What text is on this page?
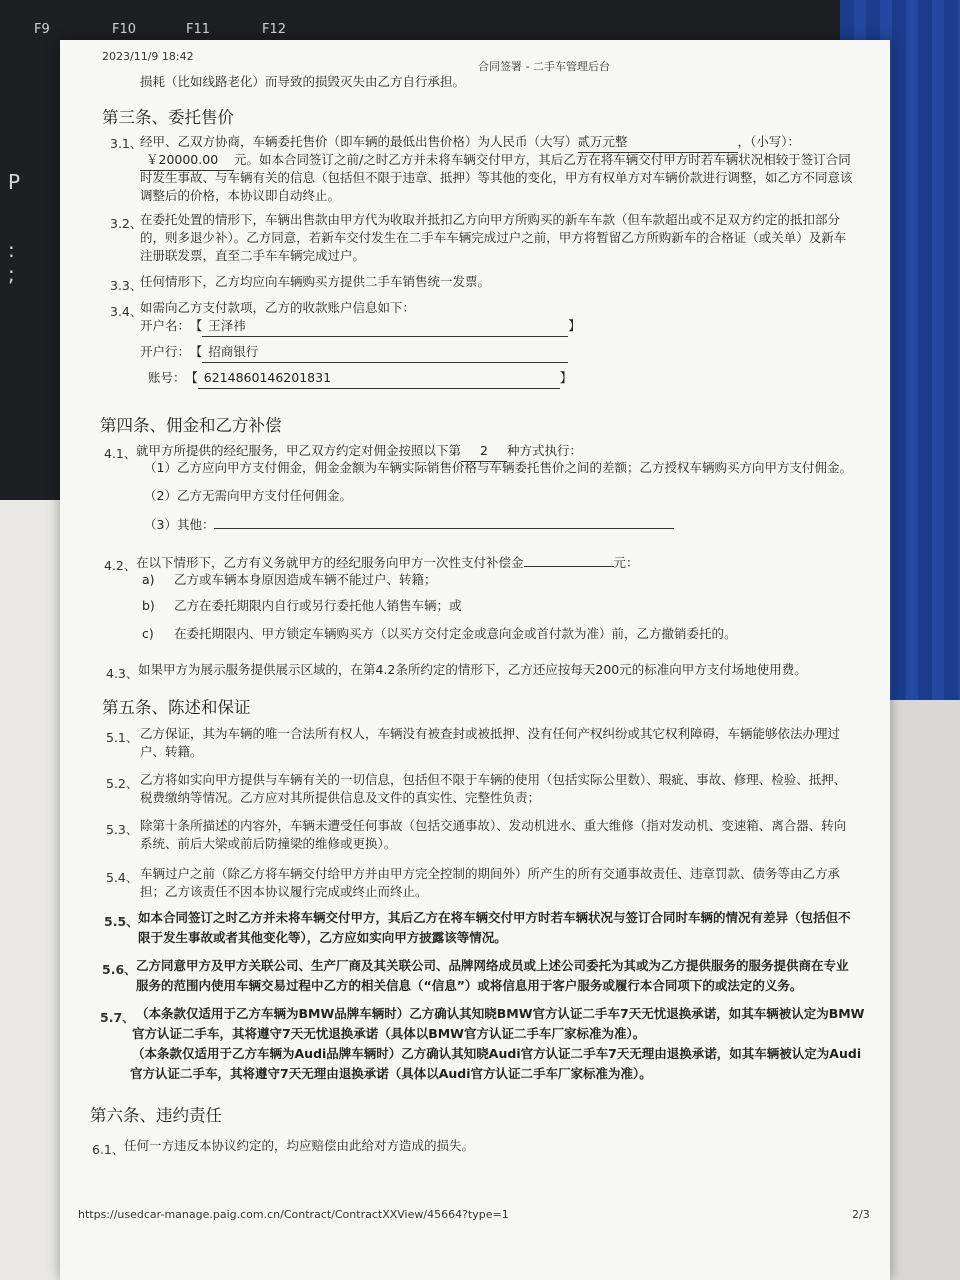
F9	F10	F11	F12
P
:
;
2023/11/9 18:42
合同签署 - 二手车管理后台
损耗（比如线路老化）而导致的损毁灭失由乙方自行承担。
第三条、委托售价
3.1、
经甲、乙双方协商，车辆委托售价（即车辆的最低出售价格）为人民币（大写）贰万元整	，（小写）：
￥20000.00 元。如本合同签订之前/之时乙方并未将车辆交付甲方，其后乙方在将车辆交付甲方时若车辆状况相较于签订合同
时发生事故、与车辆有关的信息（包括但不限于违章、抵押）等其他的变化，甲方有权单方对车辆价款进行调整，如乙方不同意该
调整后的价格，本协议即自动终止。
3.2、
在委托处置的情形下，车辆出售款由甲方代为收取并抵扣乙方向甲方所购买的新车车款（但车款超出或不足双方约定的抵扣部分
的，则多退少补）。乙方同意，若新车交付发生在二手车车辆完成过户之前，甲方将暂留乙方所购新车的合格证（或关单）及新车
注册联发票，直至二手车车辆完成过户。
3.3、
任何情形下，乙方均应向车辆购买方提供二手车销售统一发票。
3.4、
如需向乙方支付款项，乙方的收款账户信息如下：
开户名： 【 王泽祎	】
开户行： 【 招商银行
账号： 【 6214860146201831	】
第四条、佣金和乙方补偿
4.1、 就甲方所提供的经纪服务，甲乙双方约定对佣金按照以下第 2 种方式执行：
（1）乙方应向甲方支付佣金，佣金金额为车辆实际销售价格与车辆委托售价之间的差额；乙方授权车辆购买方向甲方支付佣金。
（2）乙方无需向甲方支付任何佣金。
（3）其他：
4.2、 在以下情形下，乙方有义务就甲方的经纪服务向甲方一次性支付补偿金	元：
a) 乙方或车辆本身原因造成车辆不能过户、转籍；
b) 乙方在委托期限内自行或另行委托他人销售车辆；或
c) 在委托期限内、甲方锁定车辆购买方（以买方交付定金或意向金或首付款为准）前，乙方撤销委托的。
4.3、 如果甲方为展示服务提供展示区域的，在第4.2条所约定的情形下，乙方还应按每天200元的标准向甲方支付场地使用费。
第五条、陈述和保证
5.1、 乙方保证，其为车辆的唯一合法所有权人，车辆没有被查封或被抵押、没有任何产权纠纷或其它权利障碍，车辆能够依法办理过
户、转籍。
5.2、 乙方将如实向甲方提供与车辆有关的一切信息，包括但不限于车辆的使用（包括实际公里数）、瑕疵、事故、修理、检验、抵押、
税费缴纳等情况。乙方应对其所提供信息及文件的真实性、完整性负责；
5.3、 除第十条所描述的内容外，车辆未遭受任何事故（包括交通事故）、发动机进水、重大维修（指对发动机、变速箱、离合器、转向
系统、前后大梁或前后防撞梁的维修或更换）。
5.4、 车辆过户之前（除乙方将车辆交付给甲方并由甲方完全控制的期间外）所产生的所有交通事故责任、违章罚款、债务等由乙方承
担；乙方该责任不因本协议履行完成或终止而终止。
5.5、 如本合同签订之时乙方并未将车辆交付甲方，其后乙方在将车辆交付甲方时若车辆状况与签订合同时车辆的情况有差异（包括但不
限于发生事故或者其他变化等），乙方应如实向甲方披露该等情况。
5.6、 乙方同意甲方及甲方关联公司、生产厂商及其关联公司、品牌网络成员或上述公司委托为其或为乙方提供服务的服务提供商在专业
服务的范围内使用车辆交易过程中乙方的相关信息（“信息”）或将信息用于客户服务或履行本合同项下的或法定的义务。
5.7、 （本条款仅适用于乙方车辆为BMW品牌车辆时）乙方确认其知晓BMW官方认证二手车7天无忧退换承诺，如其车辆被认定为BMW
官方认证二手车，其将遵守7天无忧退换承诺（具体以BMW官方认证二手车厂家标准为准）。
（本条款仅适用于乙方车辆为Audi品牌车辆时）乙方确认其知晓Audi官方认证二手车7天无理由退换承诺，如其车辆被认定为Audi
官方认证二手车，其将遵守7天无理由退换承诺（具体以Audi官方认证二手车厂家标准为准）。
第六条、违约责任
6.1、 任何一方违反本协议约定的，均应赔偿由此给对方造成的损失。
https://usedcar-manage.paig.com.cn/Contract/ContractXXView/45664?type=1	2/3
